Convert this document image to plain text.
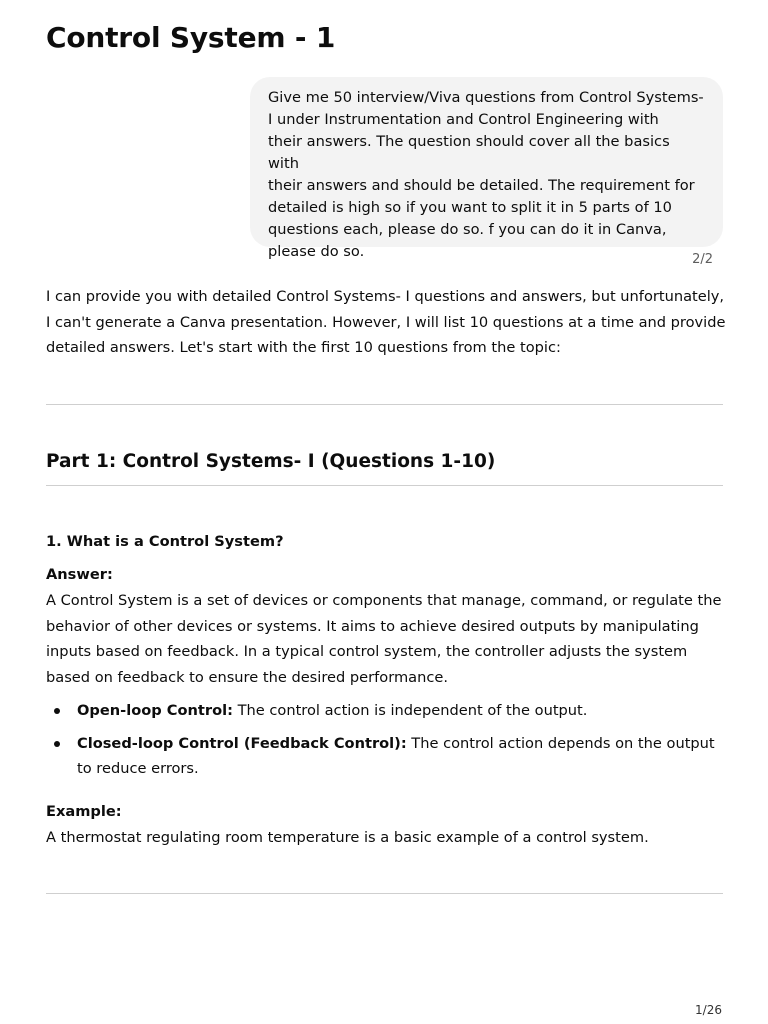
Control System - 1
Give me 50 interview/Viva questions from Control Systems-
I under Instrumentation and Control Engineering with
their answers. The question should cover all the basics with
their answers and should be detailed. The requirement for
detailed is high so if you want to split it in 5 parts of 10
questions each, please do so. f you can do it in Canva,
please do so.	2/2

I can provide you with detailed Control Systems- I questions and answers, but unfortunately, I can't generate a Canva presentation. However, I will list 10 questions at a time and provide detailed answers. Let's start with the first 10 questions from the topic:

Part 1: Control Systems- I (Questions 1-10)
1. What is a Control System?

Answer:

A Control System is a set of devices or components that manage, command, or regulate the behavior of other devices or systems. It aims to achieve desired outputs by manipulating inputs based on feedback. In a typical control system, the controller adjusts the system based on feedback to ensure the desired performance.

Open-loop Control: The control action is independent of the output.
Closed-loop Control (Feedback Control): The control action depends on the output to reduce errors.

Example:

A thermostat regulating room temperature is a basic example of a control system.

1/26
